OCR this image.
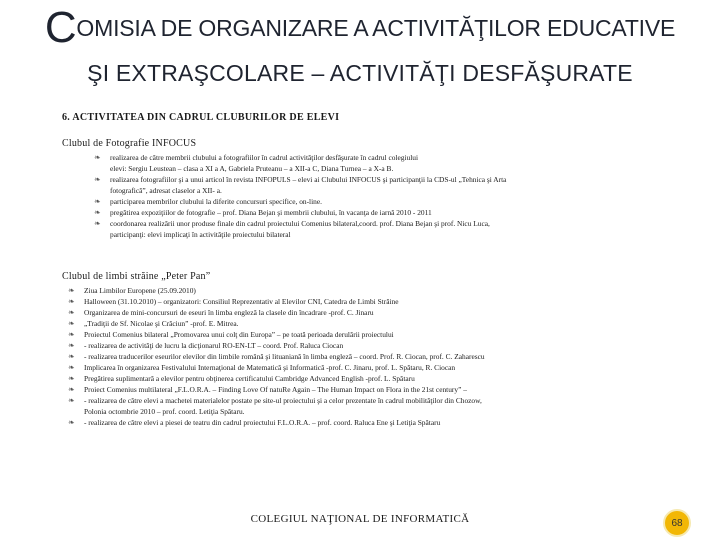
COMISIA DE ORGANIZARE A ACTIVITĂŢILOR EDUCATIVE
ŞI EXTRAŞCOLARE – ACTIVITĂŢI DESFĂŞURATE
6. ACTIVITATEA DIN CADRUL CLUBURILOR DE ELEVI
Clubul de Fotografie INFOCUS
❧ realizarea de către membrii clubului a fotografiilor în cadrul activităţilor desfăşurate în cadrul colegiului
elevi: Sergiu Leustean – clasa a XI a A, Gabriela Pruteanu – a XII-a C, Diana Turnea – a X-a B.
❧ realizarea fotografiilor şi a unui articol în revista INFOPULS – elevi ai Clubului INFOCUS şi participanţii la CDS-ul „Tehnica şi Arta
fotografică”, adresat claselor a XII- a.
❧ participarea membrilor clubului la diferite concursuri specifice, on-line.
❧ pregătirea expoziţiilor de fotografie – prof. Diana Bejan şi membrii clubului, în vacanţa de iarnă 2010 - 2011
❧ coordonarea realizării unor produse finale din cadrul proiectului Comenius bilateral,coord. prof. Diana Bejan şi prof. Nicu Luca,
participanţi: elevi implicaţi în activităţile proiectului bilateral
Clubul de limbi străine „Peter Pan”
❧ Ziua Limbilor Europene (25.09.2010)
❧ Halloween (31.10.2010) – organizatori: Consiliul Reprezentativ al Elevilor CNI, Catedra de Limbi Străine
❧ Organizarea de mini-concursuri de eseuri în limba engleză la clasele din încadrare -prof. C. Jinaru
❧ „Tradiţii de Sf. Nicolae şi Crăciun” -prof. E. Mitrea.
❧ Proiectul Comenius bilateral „Promovarea unui colţ din Europa” – pe toată perioada derulării proiectului
❧ - realizarea de activităţi de lucru la dicţionarul RO-EN-LT – coord. Prof. Raluca Ciocan
❧ - realizarea traducerilor eseurilor elevilor din limbile română şi lituaniană în limba engleză – coord. Prof. R. Ciocan, prof. C. Zaharescu
❧ Implicarea în organizarea Festivalului Internaţional de Matematică şi Informatică -prof. C. Jinaru, prof. L. Spătaru, R. Ciocan
❧ Pregătirea suplimentară a elevilor pentru obţinerea certificatului Cambridge Advanced English -prof. L. Spătaru
❧ Proiect Comenius multilateral „F.L.O.R.A. – Finding Love Of natuRe Again – The Human Impact on Flora in the 21st century” –
❧ - realizarea de către elevi a machetei materialelor postate pe site-ul proiectului şi a celor prezentate în cadrul mobilităţilor din Chozow,
Polonia octombrie 2010 – prof. coord. Letiţia Spătaru.
❧ - realizarea de către elevi a piesei de teatru din cadrul proiectului F.L.O.R.A. – prof. coord. Raluca Ene şi Letiţia Spătaru
COLEGIUL NAŢIONAL DE INFORMATICĂ	68
